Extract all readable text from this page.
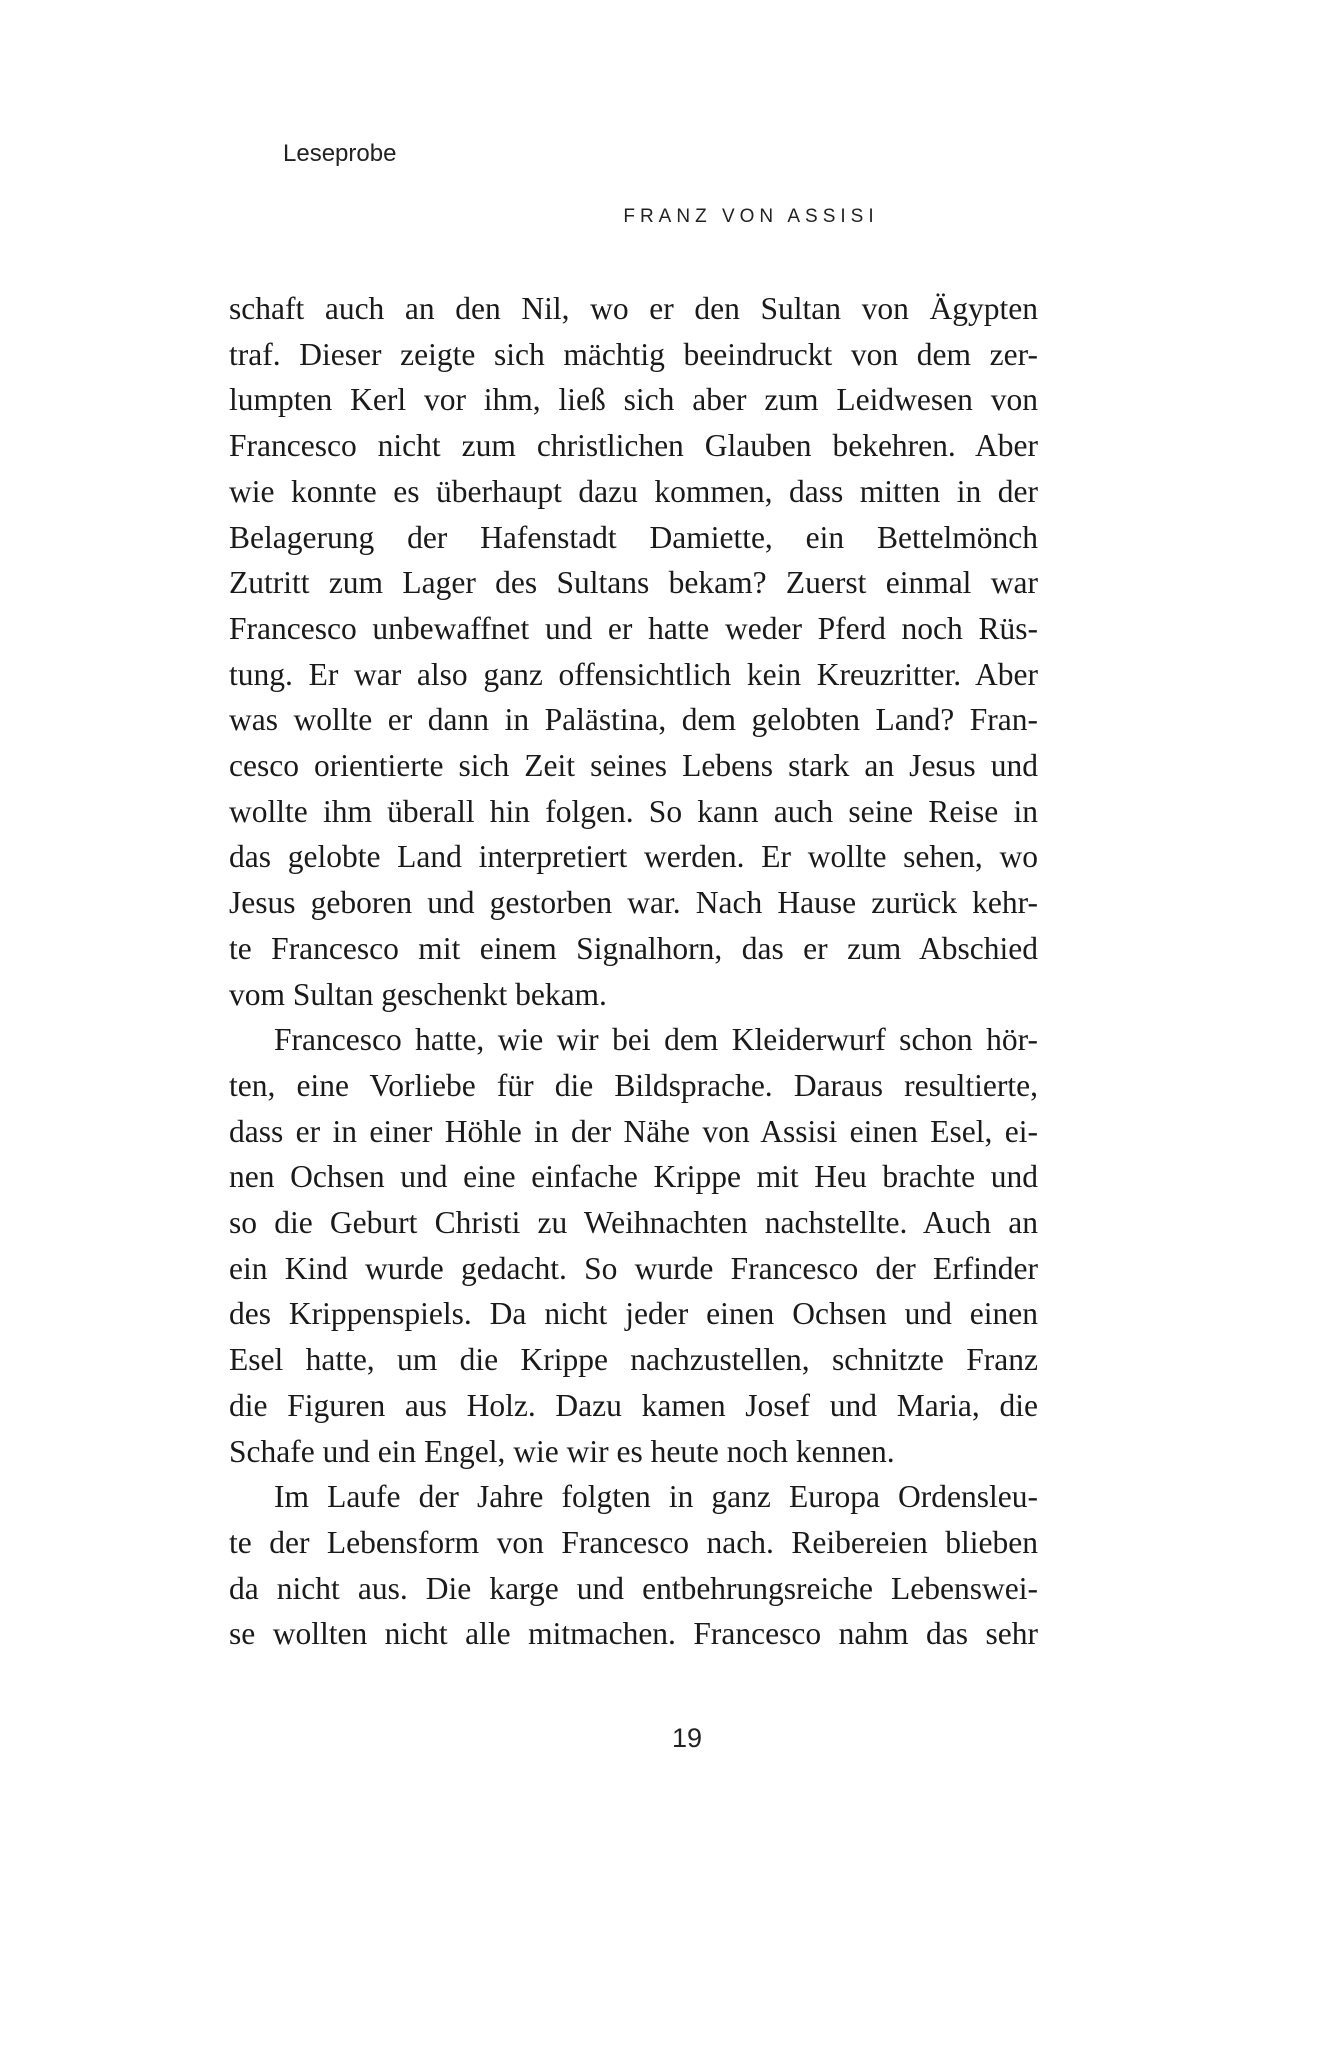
Leseprobe
FRANZ VON ASSISI
schaft auch an den Nil, wo er den Sultan von Ägypten
traf. Dieser zeigte sich mächtig beeindruckt von dem zer-
lumpten Kerl vor ihm, ließ sich aber zum Leidwesen von
Francesco nicht zum christlichen Glauben bekehren. Aber
wie konnte es überhaupt dazu kommen, dass mitten in der
Belagerung der Hafenstadt Damiette, ein Bettelmönch
Zutritt zum Lager des Sultans bekam? Zuerst einmal war
Francesco unbewaffnet und er hatte weder Pferd noch Rüs-
tung. Er war also ganz offensichtlich kein Kreuzritter. Aber
was wollte er dann in Palästina, dem gelobten Land? Fran-
cesco orientierte sich Zeit seines Lebens stark an Jesus und
wollte ihm überall hin folgen. So kann auch seine Reise in
das gelobte Land interpretiert werden. Er wollte sehen, wo
Jesus geboren und gestorben war. Nach Hause zurück kehr-
te Francesco mit einem Signalhorn, das er zum Abschied
vom Sultan geschenkt bekam.
Francesco hatte, wie wir bei dem Kleiderwurf schon hör-
ten, eine Vorliebe für die Bildsprache. Daraus resultierte,
dass er in einer Höhle in der Nähe von Assisi einen Esel, ei-
nen Ochsen und eine einfache Krippe mit Heu brachte und
so die Geburt Christi zu Weihnachten nachstellte. Auch an
ein Kind wurde gedacht. So wurde Francesco der Erfinder
des Krippenspiels. Da nicht jeder einen Ochsen und einen
Esel hatte, um die Krippe nachzustellen, schnitzte Franz
die Figuren aus Holz. Dazu kamen Josef und Maria, die
Schafe und ein Engel, wie wir es heute noch kennen.
Im Laufe der Jahre folgten in ganz Europa Ordensleu-
te der Lebensform von Francesco nach. Reibereien blieben
da nicht aus. Die karge und entbehrungsreiche Lebenswei-
se wollten nicht alle mitmachen. Francesco nahm das sehr
19
